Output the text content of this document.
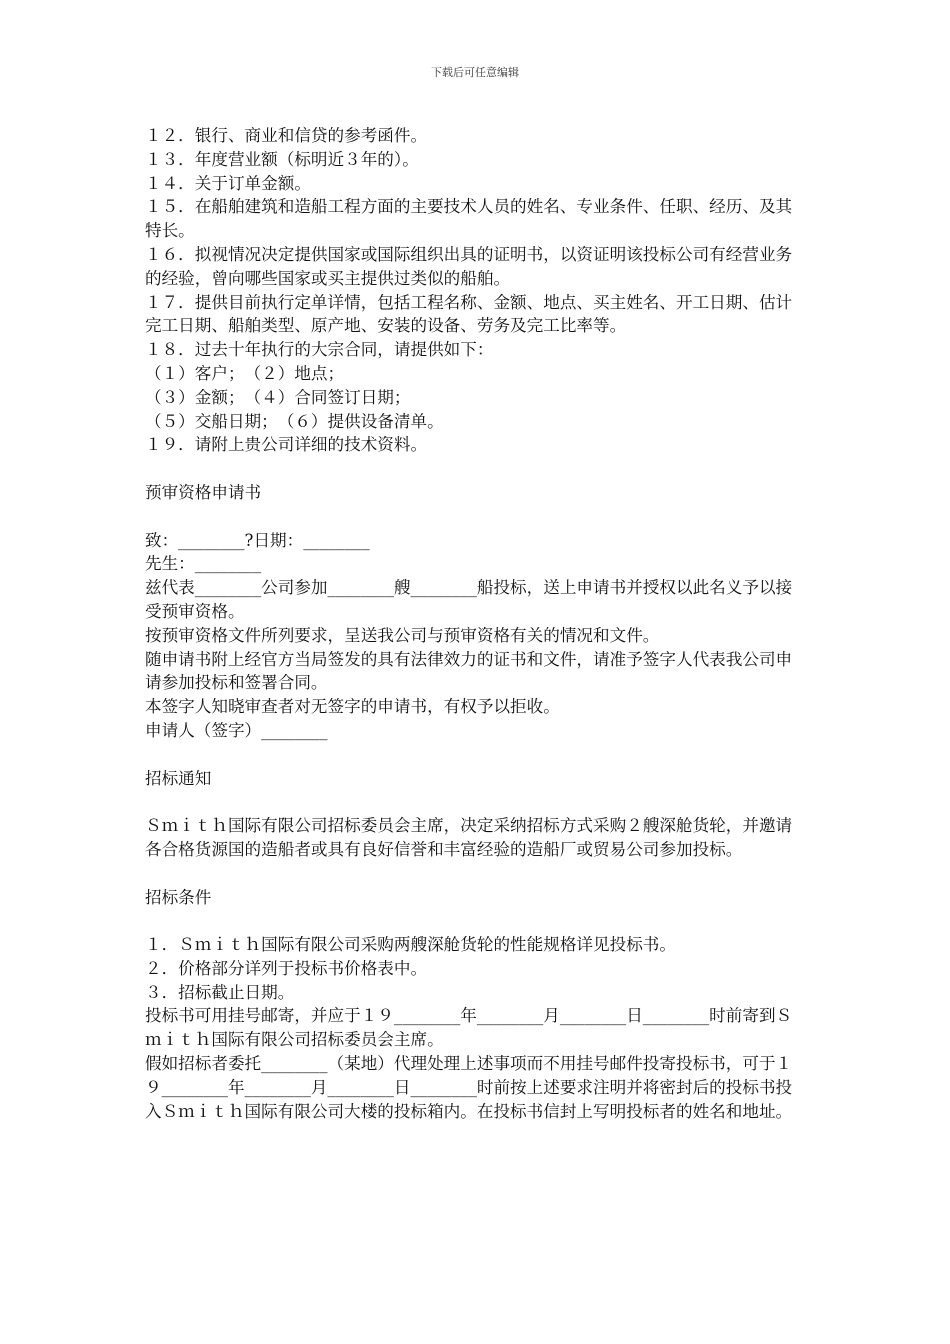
下载后可任意编辑

１２．银行、商业和信贷的参考函件。

１３．年度营业额（标明近３年的）。

１４．关于订单金额。

１５．在船舶建筑和造船工程方面的主要技术人员的姓名、专业条件、任职、经历、及其特长。

１６．拟视情况决定提供国家或国际组织出具的证明书，以资证明该投标公司有经营业务的经验，曾向哪些国家或买主提供过类似的船舶。

１７．提供目前执行定单详情，包括工程名称、金额、地点、买主姓名、开工日期、估计完工日期、船舶类型、原产地、安装的设备、劳务及完工比率等。

１８．过去十年执行的大宗合同，请提供如下：

（１）客户；　（２）地点；

（３）金额；　（４）合同签订日期；

（５）交船日期；　（６）提供设备清单。

１９．请附上贵公司详细的技术资料。

预审资格申请书

致：________?日期：________

先生：________

兹代表________公司参加________艘________船投标，送上申请书并授权以此名义予以接受预审资格。

按预审资格文件所列要求，呈送我公司与预审资格有关的情况和文件。

随申请书附上经官方当局签发的具有法律效力的证书和文件，请准予签字人代表我公司申请参加投标和签署合同。

本签字人知晓审查者对无签字的申请书，有权予以拒收。

申请人（签字）________

招标通知

Ｓｍｉｔｈ国际有限公司招标委员会主席，决定采纳招标方式采购２艘深舱货轮，并邀请各合格货源国的造船者或具有良好信誉和丰富经验的造船厂或贸易公司参加投标。

招标条件

１．Ｓｍｉｔｈ国际有限公司采购两艘深舱货轮的性能规格详见投标书。

２．价格部分详列于投标书价格表中。

３．招标截止日期。

投标书可用挂号邮寄，并应于１９________年________月________日________时前寄到Ｓｍｉｔｈ国际有限公司招标委员会主席。

假如招标者委托________（某地）代理处理上述事项而不用挂号邮件投寄投标书，可于１９________年________月________日________时前按上述要求注明并将密封后的投标书投入Ｓｍｉｔｈ国际有限公司大楼的投标箱内。在投标书信封上写明投标者的姓名和地址。
